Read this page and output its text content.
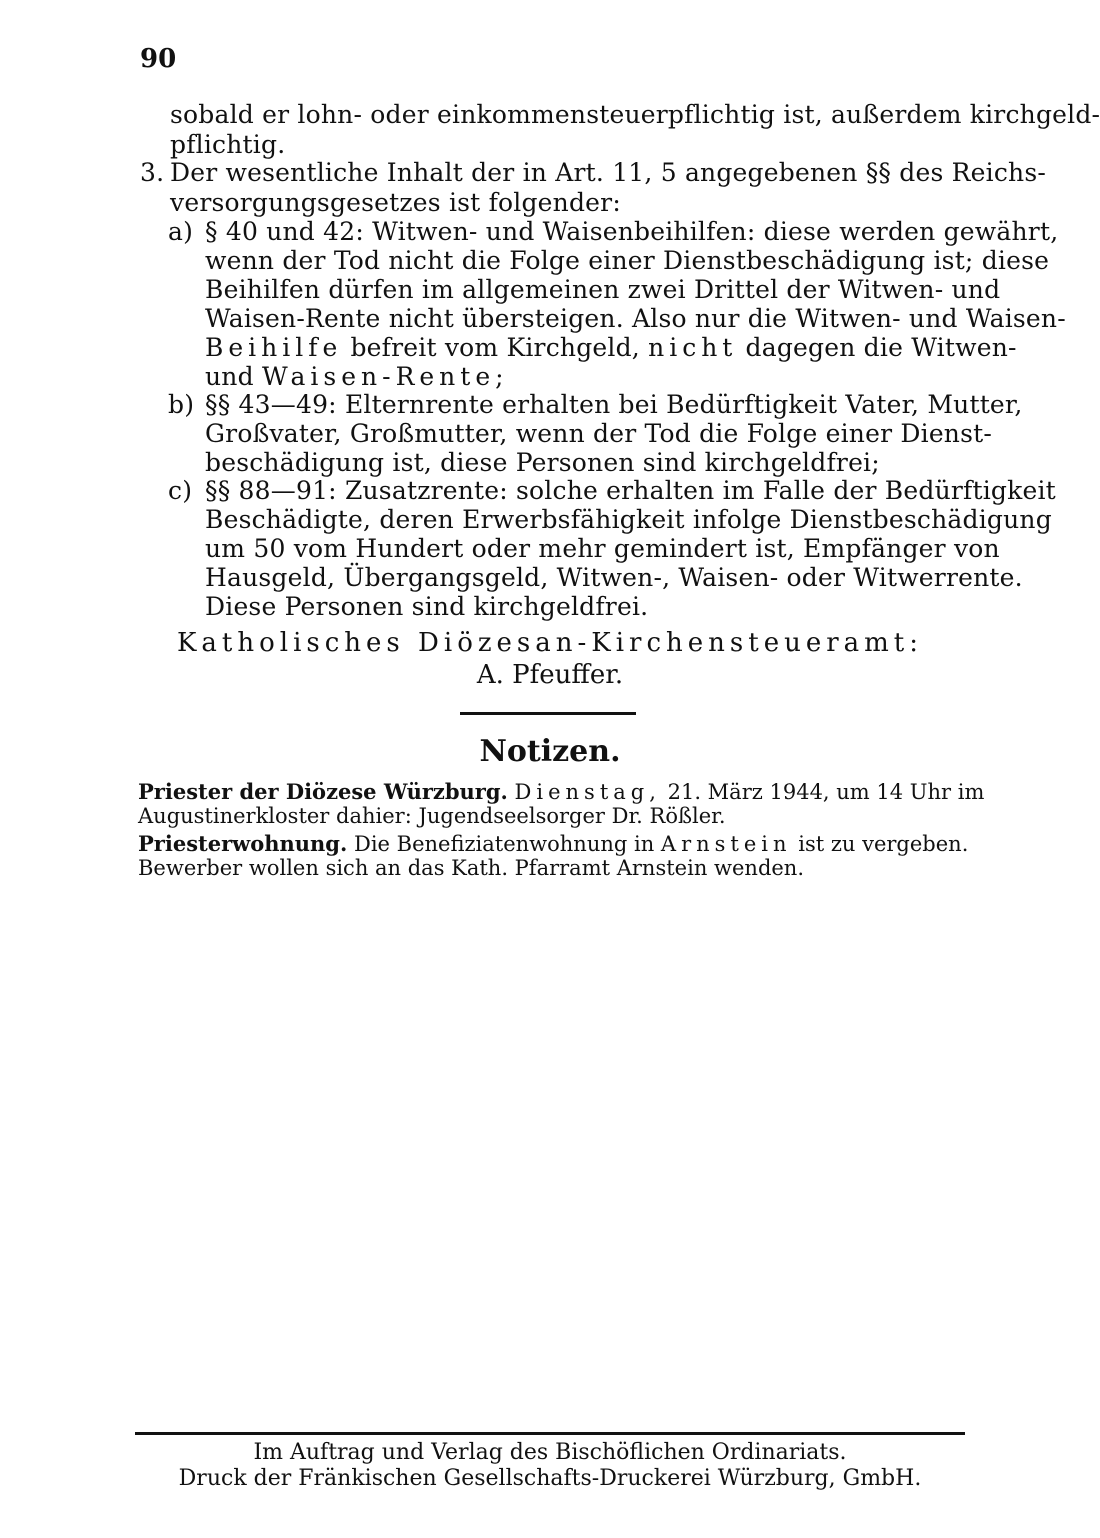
90
sobald er lohn- oder einkommensteuerpflichtig ist, außerdem kirchgeld-
pflichtig.
3. Der wesentliche Inhalt der in Art. 11, 5 angegebenen §§ des Reichs-
versorgungsgesetzes ist folgender:
a) § 40 und 42: Witwen- und Waisenbeihilfen: diese werden gewährt,
wenn der Tod nicht die Folge einer Dienstbeschädigung ist; diese
Beihilfen dürfen im allgemeinen zwei Drittel der Witwen- und
Waisen-Rente nicht übersteigen. Also nur die Witwen- und Waisen-
Beihilfe befreit vom Kirchgeld, nicht dagegen die Witwen-
und Waisen-Rente;
b) §§ 43—49: Elternrente erhalten bei Bedürftigkeit Vater, Mutter,
Großvater, Großmutter, wenn der Tod die Folge einer Dienst-
beschädigung ist, diese Personen sind kirchgeldfrei;
c) §§ 88—91: Zusatzrente: solche erhalten im Falle der Bedürftigkeit
Beschädigte, deren Erwerbsfähigkeit infolge Dienstbeschädigung
um 50 vom Hundert oder mehr gemindert ist, Empfänger von
Hausgeld, Übergangsgeld, Witwen-, Waisen- oder Witwerrente.
Diese Personen sind kirchgeldfrei.
Katholisches Diözesan-Kirchensteueramt:
A. Pfeuffer.
Notizen.
Priester der Diözese Würzburg. Dienstag, 21. März 1944, um 14 Uhr im
Augustinerkloster dahier: Jugendseelsorger Dr. Rößler.
Priesterwohnung. Die Benefiziatenwohnung in Arnstein ist zu vergeben.
Bewerber wollen sich an das Kath. Pfarramt Arnstein wenden.
Im Auftrag und Verlag des Bischöflichen Ordinariats.
Druck der Fränkischen Gesellschafts-Druckerei Würzburg, GmbH.
